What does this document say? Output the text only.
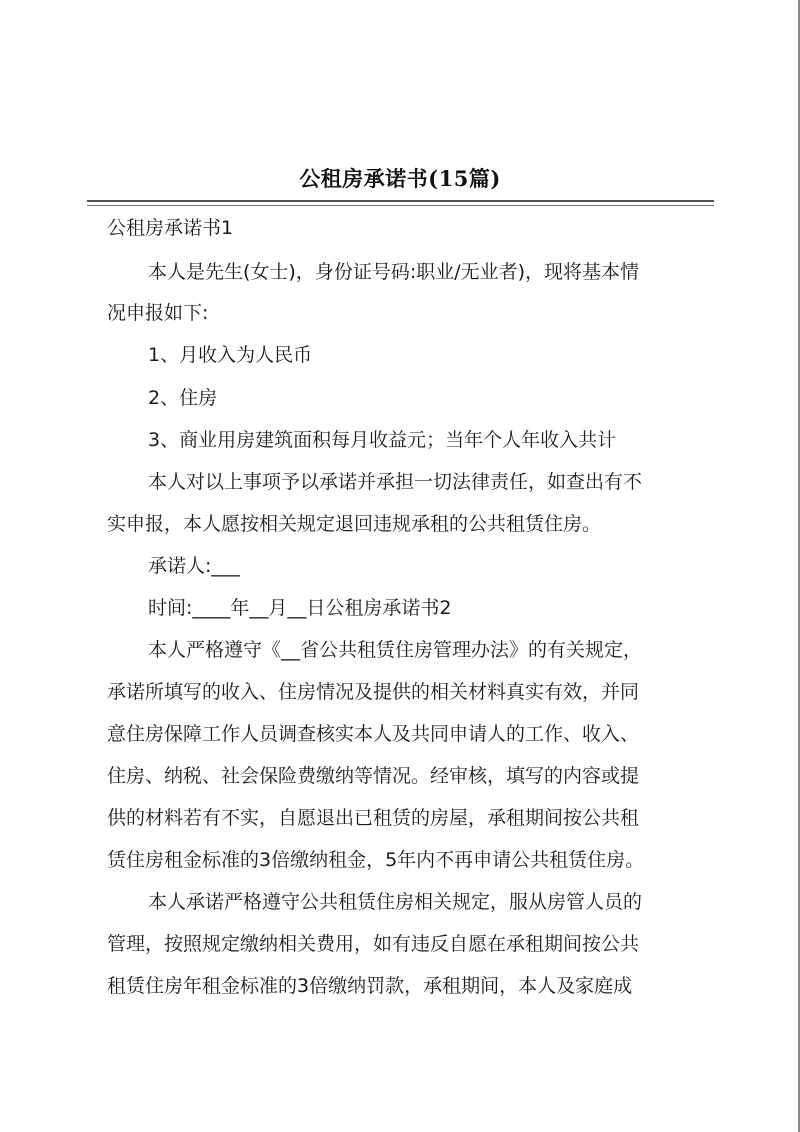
公租房承诺书(15篇)
公租房承诺书1
本人是先生(女士)，身份证号码:职业/无业者)，现将基本情
况申报如下:
1、月收入为人民币
2、住房
3、商业用房建筑面积每月收益元；当年个人年收入共计
本人对以上事项予以承诺并承担一切法律责任，如查出有不
实申报，本人愿按相关规定退回违规承租的公共租赁住房。
承诺人:___
时间:____年__月__日公租房承诺书2
本人严格遵守《__省公共租赁住房管理办法》的有关规定，
承诺所填写的收入、住房情况及提供的相关材料真实有效，并同
意住房保障工作人员调查核实本人及共同申请人的工作、收入、
住房、纳税、社会保险费缴纳等情况。经审核，填写的内容或提
供的材料若有不实，自愿退出已租赁的房屋，承租期间按公共租
赁住房租金标准的3倍缴纳租金，5年内不再申请公共租赁住房。
本人承诺严格遵守公共租赁住房相关规定，服从房管人员的
管理，按照规定缴纳相关费用，如有违反自愿在承租期间按公共
租赁住房年租金标准的3倍缴纳罚款，承租期间，本人及家庭成
